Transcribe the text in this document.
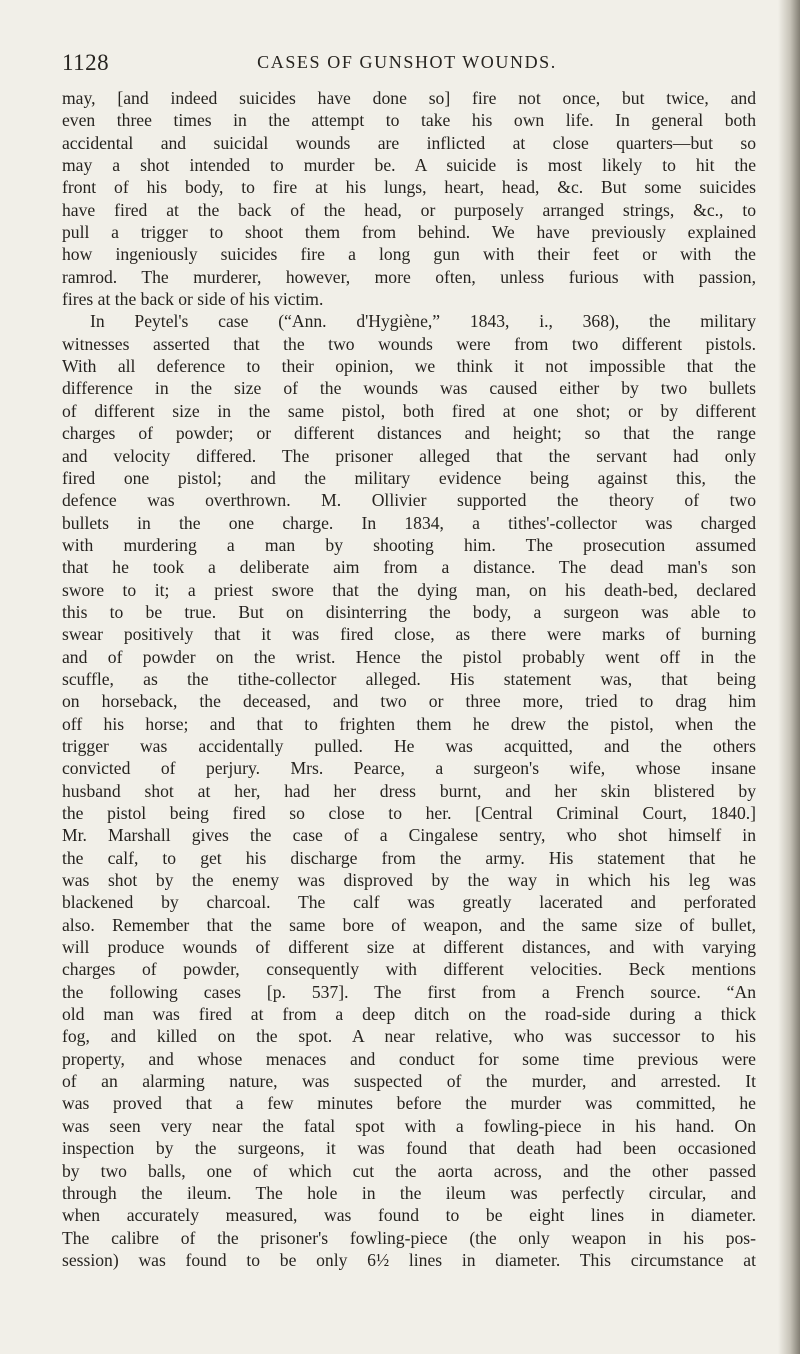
1128	CASES OF GUNSHOT WOUNDS.
may, [and indeed suicides have done so] fire not once, but twice, and
even three times in the attempt to take his own life. In general both
accidental and suicidal wounds are inflicted at close quarters—but so
may a shot intended to murder be. A suicide is most likely to hit the
front of his body, to fire at his lungs, heart, head, &c. But some suicides
have fired at the back of the head, or purposely arranged strings, &c., to
pull a trigger to shoot them from behind. We have previously explained
how ingeniously suicides fire a long gun with their feet or with the
ramrod. The murderer, however, more often, unless furious with passion,
fires at the back or side of his victim.
In Peytel's case (“Ann. d'Hygiène,” 1843, i., 368), the military
witnesses asserted that the two wounds were from two different pistols.
With all deference to their opinion, we think it not impossible that the
difference in the size of the wounds was caused either by two bullets
of different size in the same pistol, both fired at one shot; or by different
charges of powder; or different distances and height; so that the range
and velocity differed. The prisoner alleged that the servant had only
fired one pistol; and the military evidence being against this, the
defence was overthrown. M. Ollivier supported the theory of two
bullets in the one charge. In 1834, a tithes'-collector was charged
with murdering a man by shooting him. The prosecution assumed
that he took a deliberate aim from a distance. The dead man's son
swore to it; a priest swore that the dying man, on his death-bed, declared
this to be true. But on disinterring the body, a surgeon was able to
swear positively that it was fired close, as there were marks of burning
and of powder on the wrist. Hence the pistol probably went off in the
scuffle, as the tithe-collector alleged. His statement was, that being
on horseback, the deceased, and two or three more, tried to drag him
off his horse; and that to frighten them he drew the pistol, when the
trigger was accidentally pulled. He was acquitted, and the others
convicted of perjury. Mrs. Pearce, a surgeon's wife, whose insane
husband shot at her, had her dress burnt, and her skin blistered by
the pistol being fired so close to her. [Central Criminal Court, 1840.]
Mr. Marshall gives the case of a Cingalese sentry, who shot himself in
the calf, to get his discharge from the army. His statement that he
was shot by the enemy was disproved by the way in which his leg was
blackened by charcoal. The calf was greatly lacerated and perforated
also. Remember that the same bore of weapon, and the same size of bullet,
will produce wounds of different size at different distances, and with varying
charges of powder, consequently with different velocities. Beck mentions
the following cases [p. 537]. The first from a French source. “An
old man was fired at from a deep ditch on the road-side during a thick
fog, and killed on the spot. A near relative, who was successor to his
property, and whose menaces and conduct for some time previous were
of an alarming nature, was suspected of the murder, and arrested. It
was proved that a few minutes before the murder was committed, he
was seen very near the fatal spot with a fowling-piece in his hand. On
inspection by the surgeons, it was found that death had been occasioned
by two balls, one of which cut the aorta across, and the other passed
through the ileum. The hole in the ileum was perfectly circular, and
when accurately measured, was found to be eight lines in diameter.
The calibre of the prisoner's fowling-piece (the only weapon in his pos-
session) was found to be only 6½ lines in diameter. This circumstance at
